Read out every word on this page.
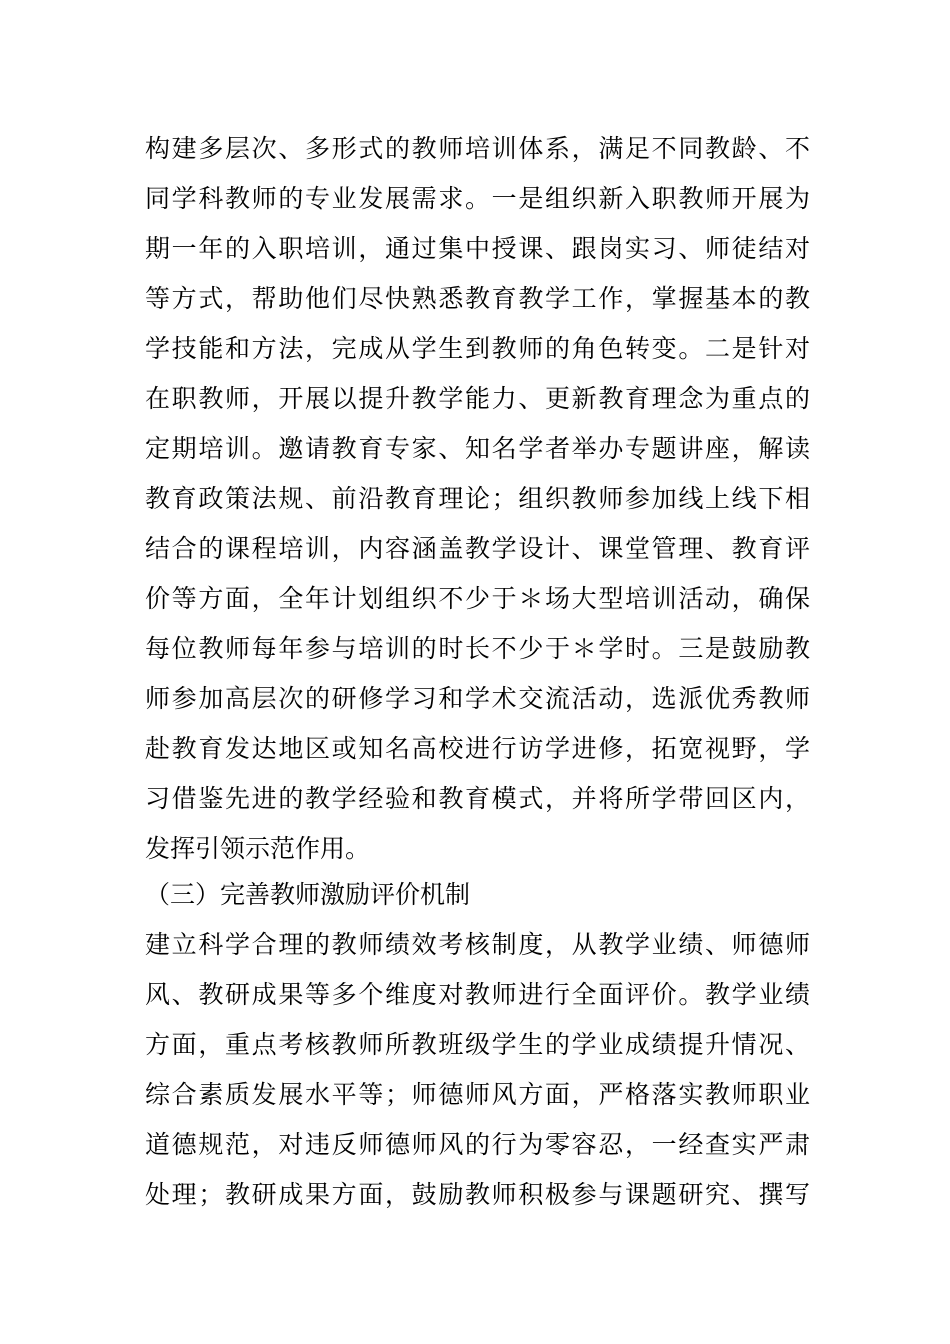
构建多层次、多形式的教师培训体系，满足不同教龄、不
同学科教师的专业发展需求。一是组织新入职教师开展为
期一年的入职培训，通过集中授课、跟岗实习、师徒结对
等方式，帮助他们尽快熟悉教育教学工作，掌握基本的教
学技能和方法，完成从学生到教师的角色转变。二是针对
在职教师，开展以提升教学能力、更新教育理念为重点的
定期培训。邀请教育专家、知名学者举办专题讲座，解读
教育政策法规、前沿教育理论；组织教师参加线上线下相
结合的课程培训，内容涵盖教学设计、课堂管理、教育评
价等方面，全年计划组织不少于＊场大型培训活动，确保
每位教师每年参与培训的时长不少于＊学时。三是鼓励教
师参加高层次的研修学习和学术交流活动，选派优秀教师
赴教育发达地区或知名高校进行访学进修，拓宽视野，学
习借鉴先进的教学经验和教育模式，并将所学带回区内，
发挥引领示范作用。
（三）完善教师激励评价机制
建立科学合理的教师绩效考核制度，从教学业绩、师德师
风、教研成果等多个维度对教师进行全面评价。教学业绩
方面，重点考核教师所教班级学生的学业成绩提升情况、
综合素质发展水平等；师德师风方面，严格落实教师职业
道德规范，对违反师德师风的行为零容忍，一经查实严肃
处理；教研成果方面，鼓励教师积极参与课题研究、撰写
